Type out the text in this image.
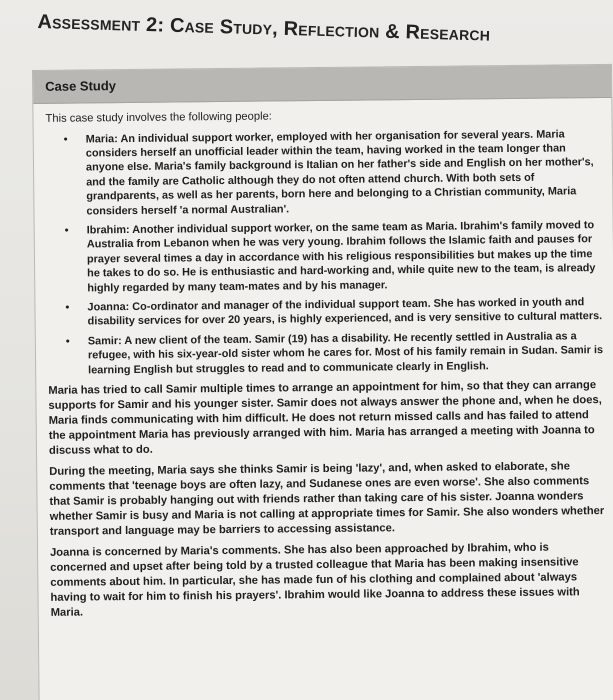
Assessment 2: Case Study, Reflection & Research
Case Study
This case study involves the following people:
• Maria: An individual support worker, employed with her organisation for several years. Maria considers herself an unofficial leader within the team, having worked in the team longer than anyone else. Maria's family background is Italian on her father's side and English on her mother's, and the family are Catholic although they do not often attend church. With both sets of grandparents, as well as her parents, born here and belonging to a Christian community, Maria considers herself 'a normal Australian'.
• Ibrahim: Another individual support worker, on the same team as Maria. Ibrahim's family moved to Australia from Lebanon when he was very young. Ibrahim follows the Islamic faith and pauses for prayer several times a day in accordance with his religious responsibilities but makes up the time he takes to do so. He is enthusiastic and hard-working and, while quite new to the team, is already highly regarded by many team-mates and by his manager.
• Joanna: Co-ordinator and manager of the individual support team. She has worked in youth and disability services for over 20 years, is highly experienced, and is very sensitive to cultural matters.
• Samir: A new client of the team. Samir (19) has a disability. He recently settled in Australia as a refugee, with his six-year-old sister whom he cares for. Most of his family remain in Sudan. Samir is learning English but struggles to read and to communicate clearly in English.

Maria has tried to call Samir multiple times to arrange an appointment for him, so that they can arrange supports for Samir and his younger sister. Samir does not always answer the phone and, when he does, Maria finds communicating with him difficult. He does not return missed calls and has failed to attend the appointment Maria has previously arranged with him. Maria has arranged a meeting with Joanna to discuss what to do.

During the meeting, Maria says she thinks Samir is being 'lazy', and, when asked to elaborate, she comments that 'teenage boys are often lazy, and Sudanese ones are even worse'. She also comments that Samir is probably hanging out with friends rather than taking care of his sister. Joanna wonders whether Samir is busy and Maria is not calling at appropriate times for Samir. She also wonders whether transport and language may be barriers to accessing assistance.

Joanna is concerned by Maria's comments. She has also been approached by Ibrahim, who is concerned and upset after being told by a trusted colleague that Maria has been making insensitive comments about him. In particular, she has made fun of his clothing and complained about 'always having to wait for him to finish his prayers'. Ibrahim would like Joanna to address these issues with Maria.
